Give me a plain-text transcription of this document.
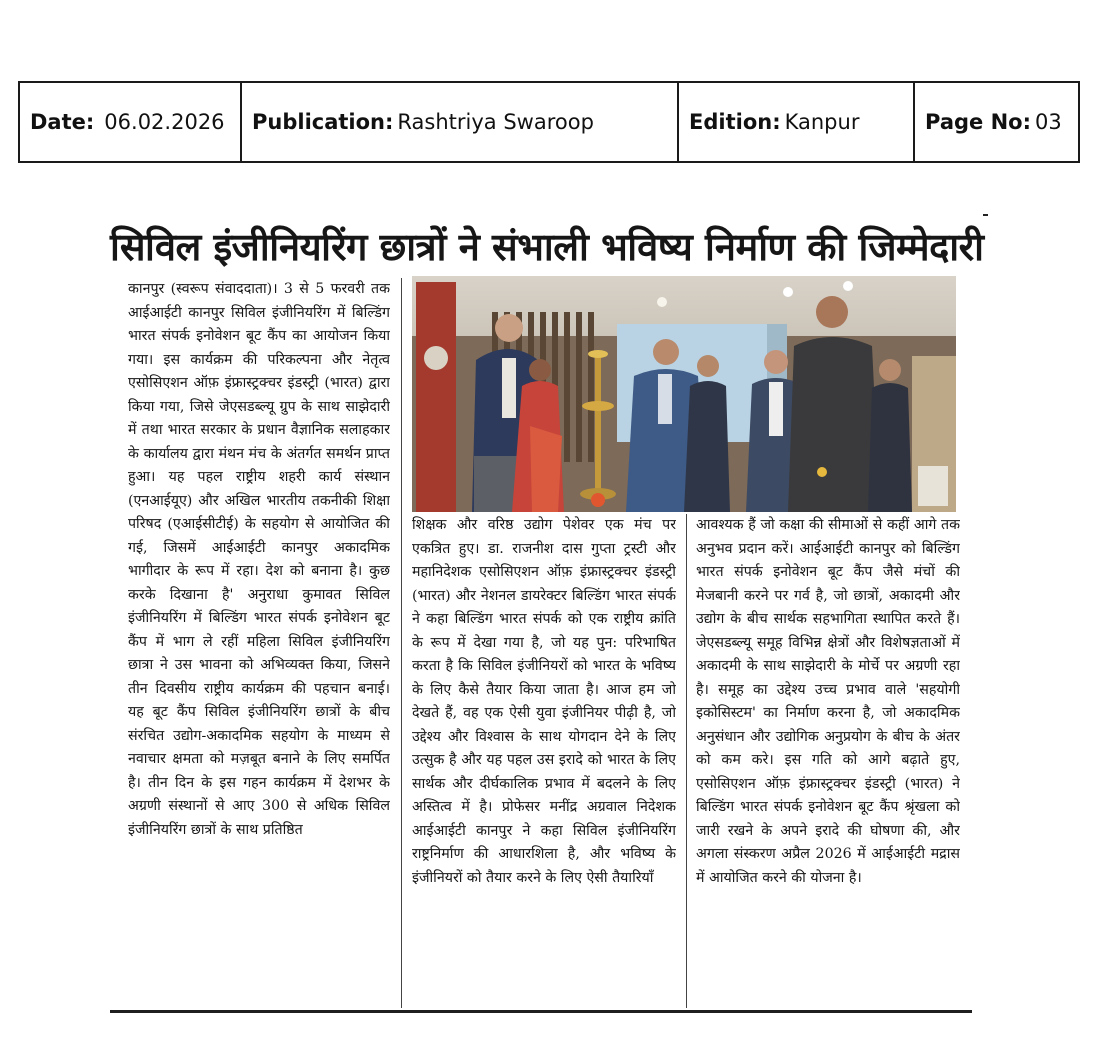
Date: 06.02.2026 Publication: Rashtriya Swaroop	Edition: Kanpur	Page No: 03
सिविल इंजीनियरिंग छात्रों ने संभाली भविष्य निर्माण की जिम्मेदारी
कानपुर (स्वरूप संवाददाता)। 3 से 5 फरवरी तक आईआईटी कानपुर सिविल इंजीनियरिंग में बिल्डिंग भारत संपर्क इनोवेशन बूट कैंप का आयोजन किया गया। इस कार्यक्रम की परिकल्पना और नेतृत्व एसोसिएशन ऑफ़ इंफ्रास्ट्रक्चर इंडस्ट्री (भारत) द्वारा किया गया, जिसे जेएसडब्ल्यू ग्रुप के साथ साझेदारी में तथा भारत सरकार के प्रधान वैज्ञानिक सलाहकार के कार्यालय द्वारा मंथन मंच के अंतर्गत समर्थन प्राप्त हुआ। यह पहल राष्ट्रीय शहरी कार्य संस्थान (एनआईयूए) और अखिल भारतीय तकनीकी शिक्षा परिषद (एआईसीटीई) के सहयोग से आयोजित की गई, जिसमें आईआईटी कानपुर अकादमिक भागीदार के रूप में रहा। देश को बनाना है। कुछ करके दिखाना है' अनुराधा कुमावत सिविल इंजीनियरिंग में बिल्डिंग भारत संपर्क इनोवेशन बूट कैंप में भाग ले रहीं महिला सिविल इंजीनियरिंग छात्रा ने उस भावना को अभिव्यक्त किया, जिसने तीन दिवसीय राष्ट्रीय कार्यक्रम की पहचान बनाई। यह बूट कैंप सिविल इंजीनियरिंग छात्रों के बीच संरचित उद्योग-अकादमिक सहयोग के माध्यम से नवाचार क्षमता को मज़बूत बनाने के लिए समर्पित है। तीन दिन के इस गहन कार्यक्रम में देशभर के अग्रणी संस्थानों से आए 300 से अधिक सिविल इंजीनियरिंग छात्रों के साथ प्रतिष्ठित
शिक्षक और वरिष्ठ उद्योग पेशेवर एक मंच पर एकत्रित हुए। डा. राजनीश दास गुप्ता ट्रस्टी और महानिदेशक एसोसिएशन ऑफ़ इंफ्रास्ट्रक्चर इंडस्ट्री (भारत) और नेशनल डायरेक्टर बिल्डिंग भारत संपर्क ने कहा बिल्डिंग भारत संपर्क को एक राष्ट्रीय क्रांति के रूप में देखा गया है, जो यह पुन: परिभाषित करता है कि सिविल इंजीनियरों को भारत के भविष्य के लिए कैसे तैयार किया जाता है। आज हम जो देखते हैं, वह एक ऐसी युवा इंजीनियर पीढ़ी है, जो उद्देश्य और विश्वास के साथ योगदान देने के लिए उत्सुक है और यह पहल उस इरादे को भारत के लिए सार्थक और दीर्घकालिक प्रभाव में बदलने के लिए अस्तित्व में है। प्रोफेसर मनींद्र अग्रवाल निदेशक आईआईटी कानपुर ने कहा सिविल इंजीनियरिंग राष्ट्रनिर्माण की आधारशिला है, और भविष्य के इंजीनियरों को तैयार करने के लिए ऐसी तैयारियाँ
आवश्यक हैं जो कक्षा की सीमाओं से कहीं आगे तक अनुभव प्रदान करें। आईआईटी कानपुर को बिल्डिंग भारत संपर्क इनोवेशन बूट कैंप जैसे मंचों की मेजबानी करने पर गर्व है, जो छात्रों, अकादमी और उद्योग के बीच सार्थक सहभागिता स्थापित करते हैं। जेएसडब्ल्यू समूह विभिन्न क्षेत्रों और विशेषज्ञताओं में अकादमी के साथ साझेदारी के मोर्चे पर अग्रणी रहा है। समूह का उद्देश्य उच्च प्रभाव वाले 'सहयोगी इकोसिस्टम' का निर्माण करना है, जो अकादमिक अनुसंधान और उद्योगिक अनुप्रयोग के बीच के अंतर को कम करे। इस गति को आगे बढ़ाते हुए, एसोसिएशन ऑफ़ इंफ्रास्ट्रक्चर इंडस्ट्री (भारत) ने बिल्डिंग भारत संपर्क इनोवेशन बूट कैंप श्रृंखला को जारी रखने के अपने इरादे की घोषणा की, और अगला संस्करण अप्रैल 2026 में आईआईटी मद्रास में आयोजित करने की योजना है।
